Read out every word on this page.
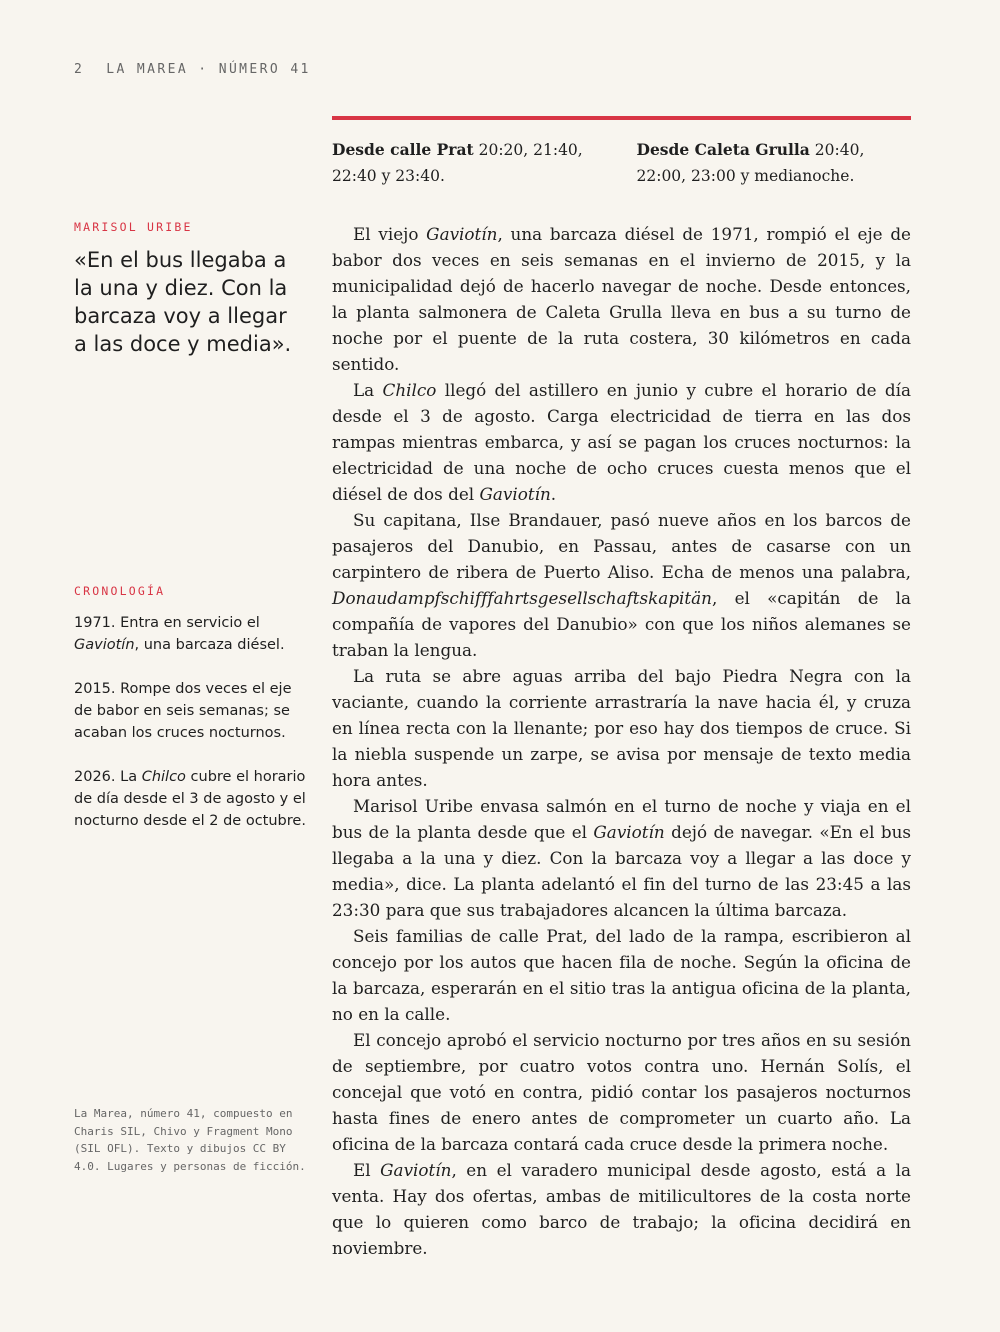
2 LA MAREA · NÚMERO 41
Desde calle Prat 20:20, 21:40, 22:40 y 23:40.
Desde Caleta Grulla 20:40, 22:00, 23:00 y medianoche.
MARISOL URIBE
«En el bus llegaba a la una y diez. Con la barcaza voy a llegar a las doce y media».
CRONOLOGÍA
1971. Entra en servicio el Gaviotín, una barcaza diésel.
2015. Rompe dos veces el eje de babor en seis semanas; se acaban los cruces nocturnos.
2026. La Chilco cubre el horario de día desde el 3 de agosto y el nocturno desde el 2 de octubre.
La Marea, número 41, compuesto en Charis SIL, Chivo y Fragment Mono (SIL OFL). Texto y dibujos CC BY 4.0. Lugares y personas de ficción.

El viejo Gaviotín, una barcaza diésel de 1971, rompió el eje de babor dos veces en seis semanas en el invierno de 2015, y la municipalidad dejó de hacerlo navegar de noche. Desde entonces, la planta salmonera de Caleta Grulla lleva en bus a su turno de noche por el puente de la ruta costera, 30 kilómetros en cada sentido.

La Chilco llegó del astillero en junio y cubre el horario de día desde el 3 de agosto. Carga electricidad de tierra en las dos rampas mientras embarca, y así se pagan los cruces nocturnos: la electricidad de una noche de ocho cruces cuesta menos que el diésel de dos del Gaviotín.

Su capitana, Ilse Brandauer, pasó nueve años en los barcos de pasajeros del Danubio, en Passau, antes de casarse con un carpintero de ribera de Puerto Aliso. Echa de menos una palabra, Donaudampfschifffahrtsgesellschaftskapitän, el «capitán de la compañía de vapores del Danubio» con que los niños alemanes se traban la lengua.

La ruta se abre aguas arriba del bajo Piedra Negra con la vaciante, cuando la corriente arrastraría la nave hacia él, y cruza en línea recta con la llenante; por eso hay dos tiempos de cruce. Si la niebla suspende un zarpe, se avisa por mensaje de texto media hora antes.

Marisol Uribe envasa salmón en el turno de noche y viaja en el bus de la planta desde que el Gaviotín dejó de navegar. «En el bus llegaba a la una y diez. Con la barcaza voy a llegar a las doce y media», dice. La planta adelantó el fin del turno de las 23:45 a las 23:30 para que sus trabajadores alcancen la última barcaza.

Seis familias de calle Prat, del lado de la rampa, escribieron al concejo por los autos que hacen fila de noche. Según la oficina de la barcaza, esperarán en el sitio tras la antigua oficina de la planta, no en la calle.

El concejo aprobó el servicio nocturno por tres años en su sesión de septiembre, por cuatro votos contra uno. Hernán Solís, el concejal que votó en contra, pidió contar los pasajeros nocturnos hasta fines de enero antes de comprometer un cuarto año. La oficina de la barcaza contará cada cruce desde la primera noche.

El Gaviotín, en el varadero municipal desde agosto, está a la venta. Hay dos ofertas, ambas de mitilicultores de la costa norte que lo quieren como barco de trabajo; la oficina decidirá en noviembre.
